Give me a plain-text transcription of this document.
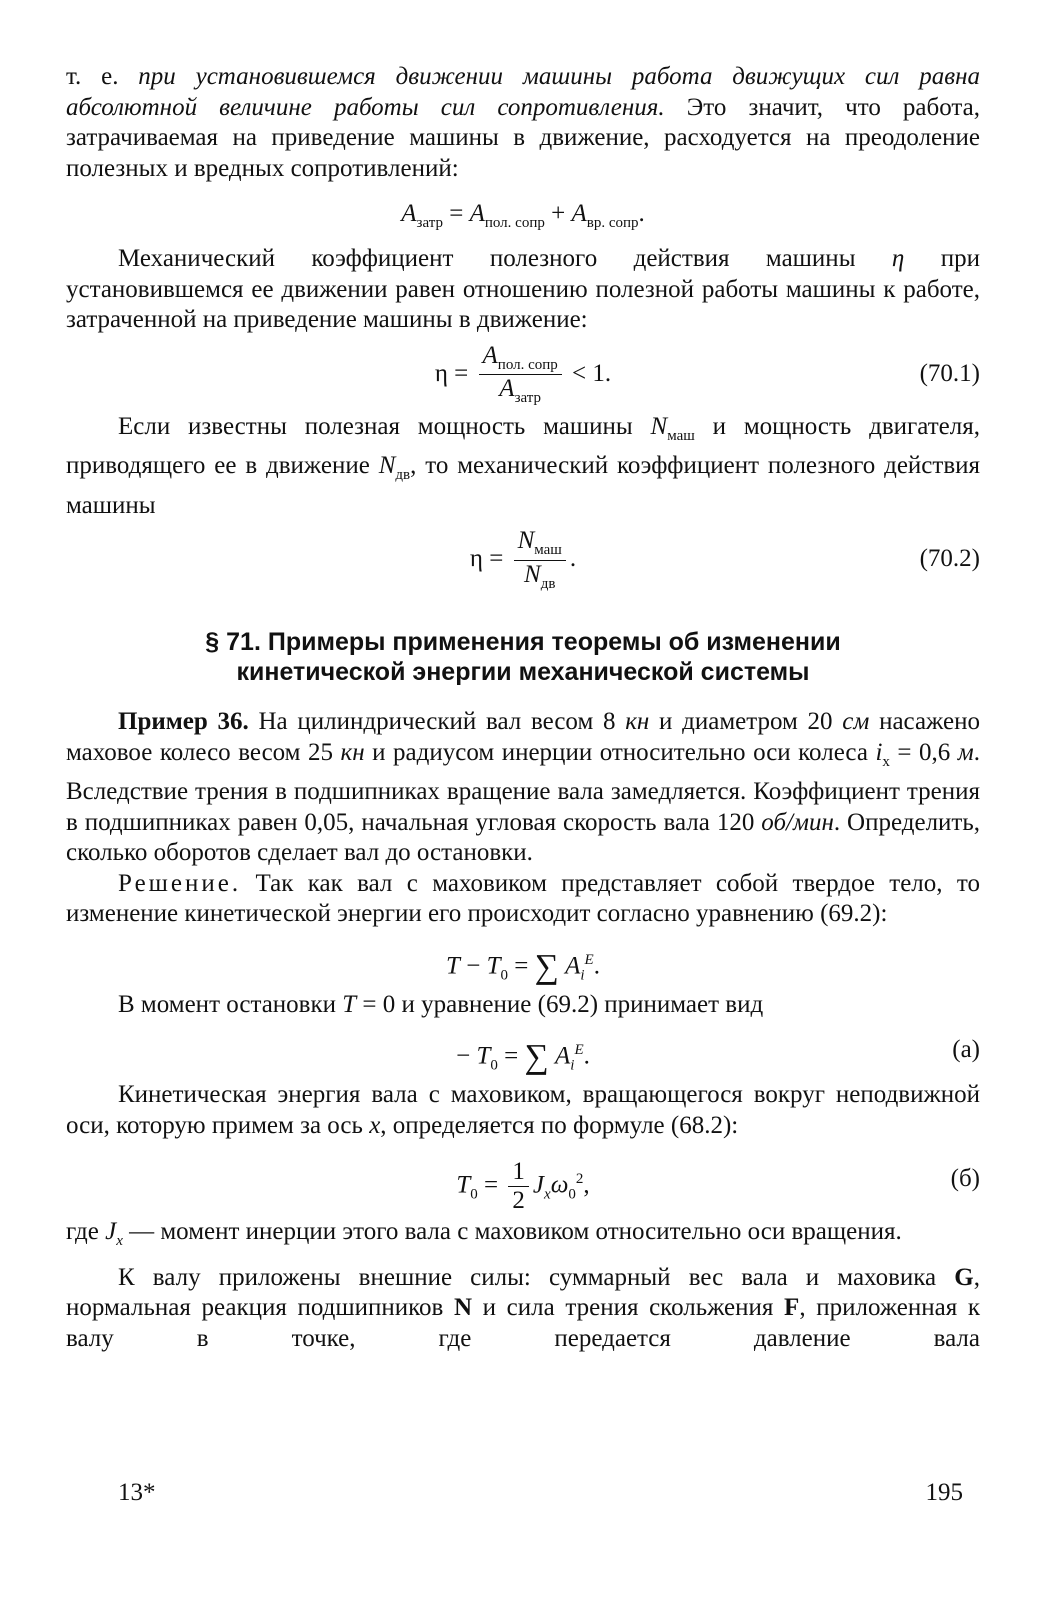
т. е. при установившемся движении машины работа движущих сил равна абсолютной величине работы сил сопротивления. Это значит, что работа, затрачиваемая на приведение машины в движение, расходуется на преодоление полезных и вредных сопротивлений:

$A_{затр} = A_{пол. сопр} + A_{вр. сопр}$.

Механический коэффициент полезного действия машины η при установившемся ее движении равен отношению полезной работы машины к работе, затраченной на приведение машины в движение:

$\eta = \frac{A_{пол. сопр}}{A_{затр}} < 1$.	(70.1)

Если известны полезная мощность машины $N_{маш}$ и мощность двигателя, приводящего ее в движение $N_{дв}$, то механический коэффициент полезного действия машины

$\eta = \frac{N_{маш}}{N_{дв}}$ .	(70.2)
§ 71. Примеры применения теоремы об изменении
кинетической энергии механической системы

Пример 36. На цилиндрический вал весом 8 кн и диаметром 20 см насажено маховое колесо весом 25 кн и радиусом инерции относительно оси колеса $i_x = 0,6$ м. Вследствие трения в подшипниках вращение вала замедляется. Коэффициент трения в подшипниках равен 0,05, начальная угловая скорость вала 120 об/мин. Определить, сколько оборотов сделает вал до остановки.

Решение. Так как вал с маховиком представляет собой твердое тело, то изменение кинетической энергии его происходит согласно уравнению (69.2):

$T - T_0$ = ∑ $A_i^E$.

В момент остановки T = 0 и уравнение (69.2) принимает вид

− $T_0$ = ∑ $A_i^E$.	(а)

Кинетическая энергия вала с маховиком, вращающегося вокруг неподвижной оси, которую примем за ось x, определяется по формуле (68.2):

$T_0 = \frac{1}{2} J_x\omega_0^2$,	(б)

где $J_x$ — момент инерции этого вала с маховиком относительно оси вращения.

К валу приложены внешние силы: суммарный вес вала и маховика G, нормальная реакция подшипников N и сила трения скольжения F, приложенная к валу в точке, где передается давление вала

13*	195
